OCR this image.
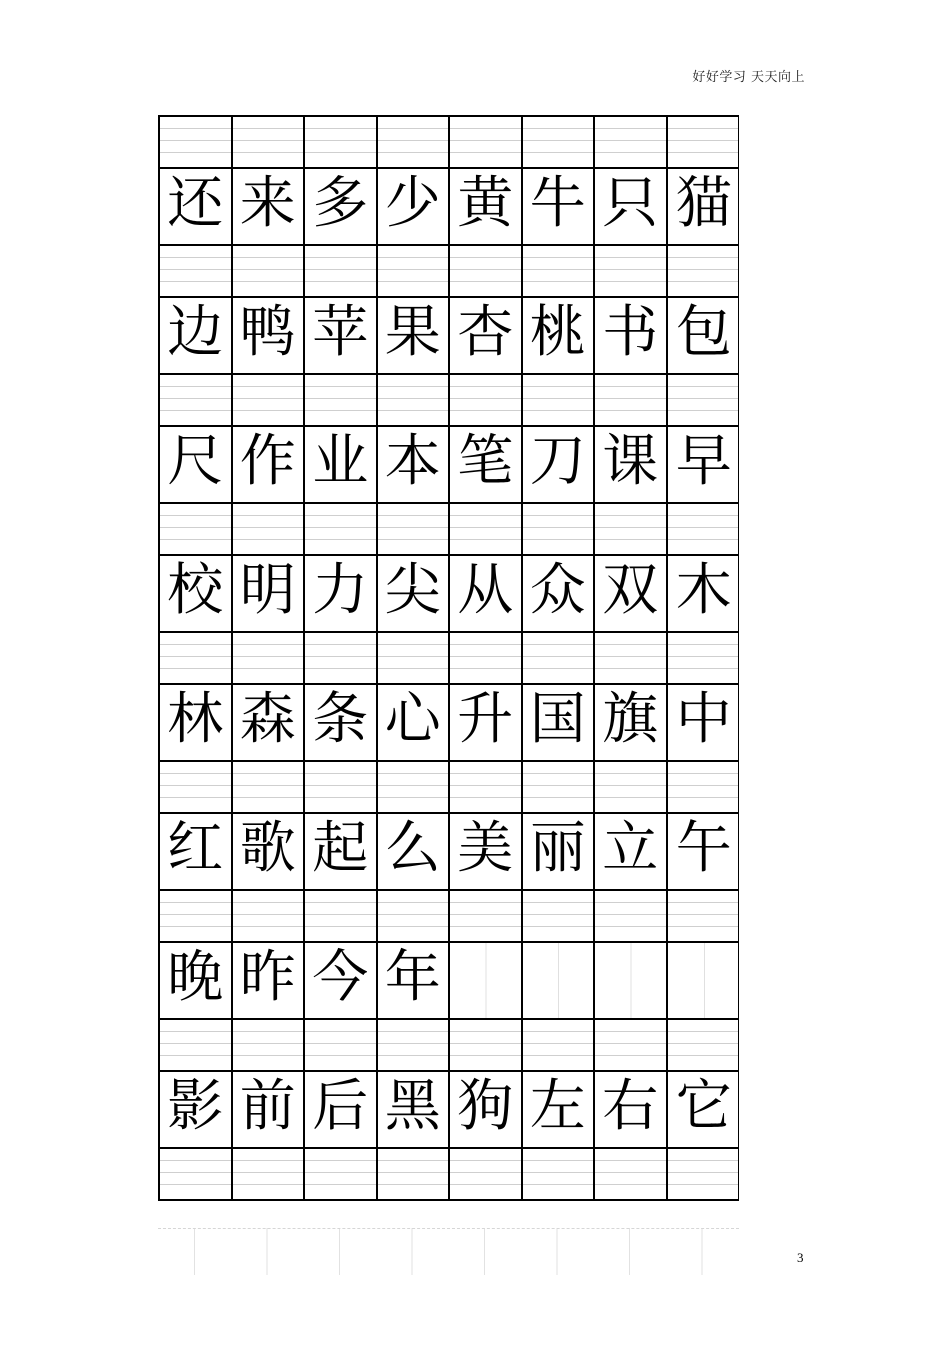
好好学习 天天向上
还 来 多 少 黄 牛 只 猫
边 鸭 苹 果 杏 桃 书 包
尺 作 业 本 笔 刀 课 早
校 明 力 尖 从 众 双 木
林 森 条 心 升 国 旗 中
红 歌 起 么 美 丽 立 午
晚 昨 今 年
影 前 后 黑 狗 左 右 它
3
